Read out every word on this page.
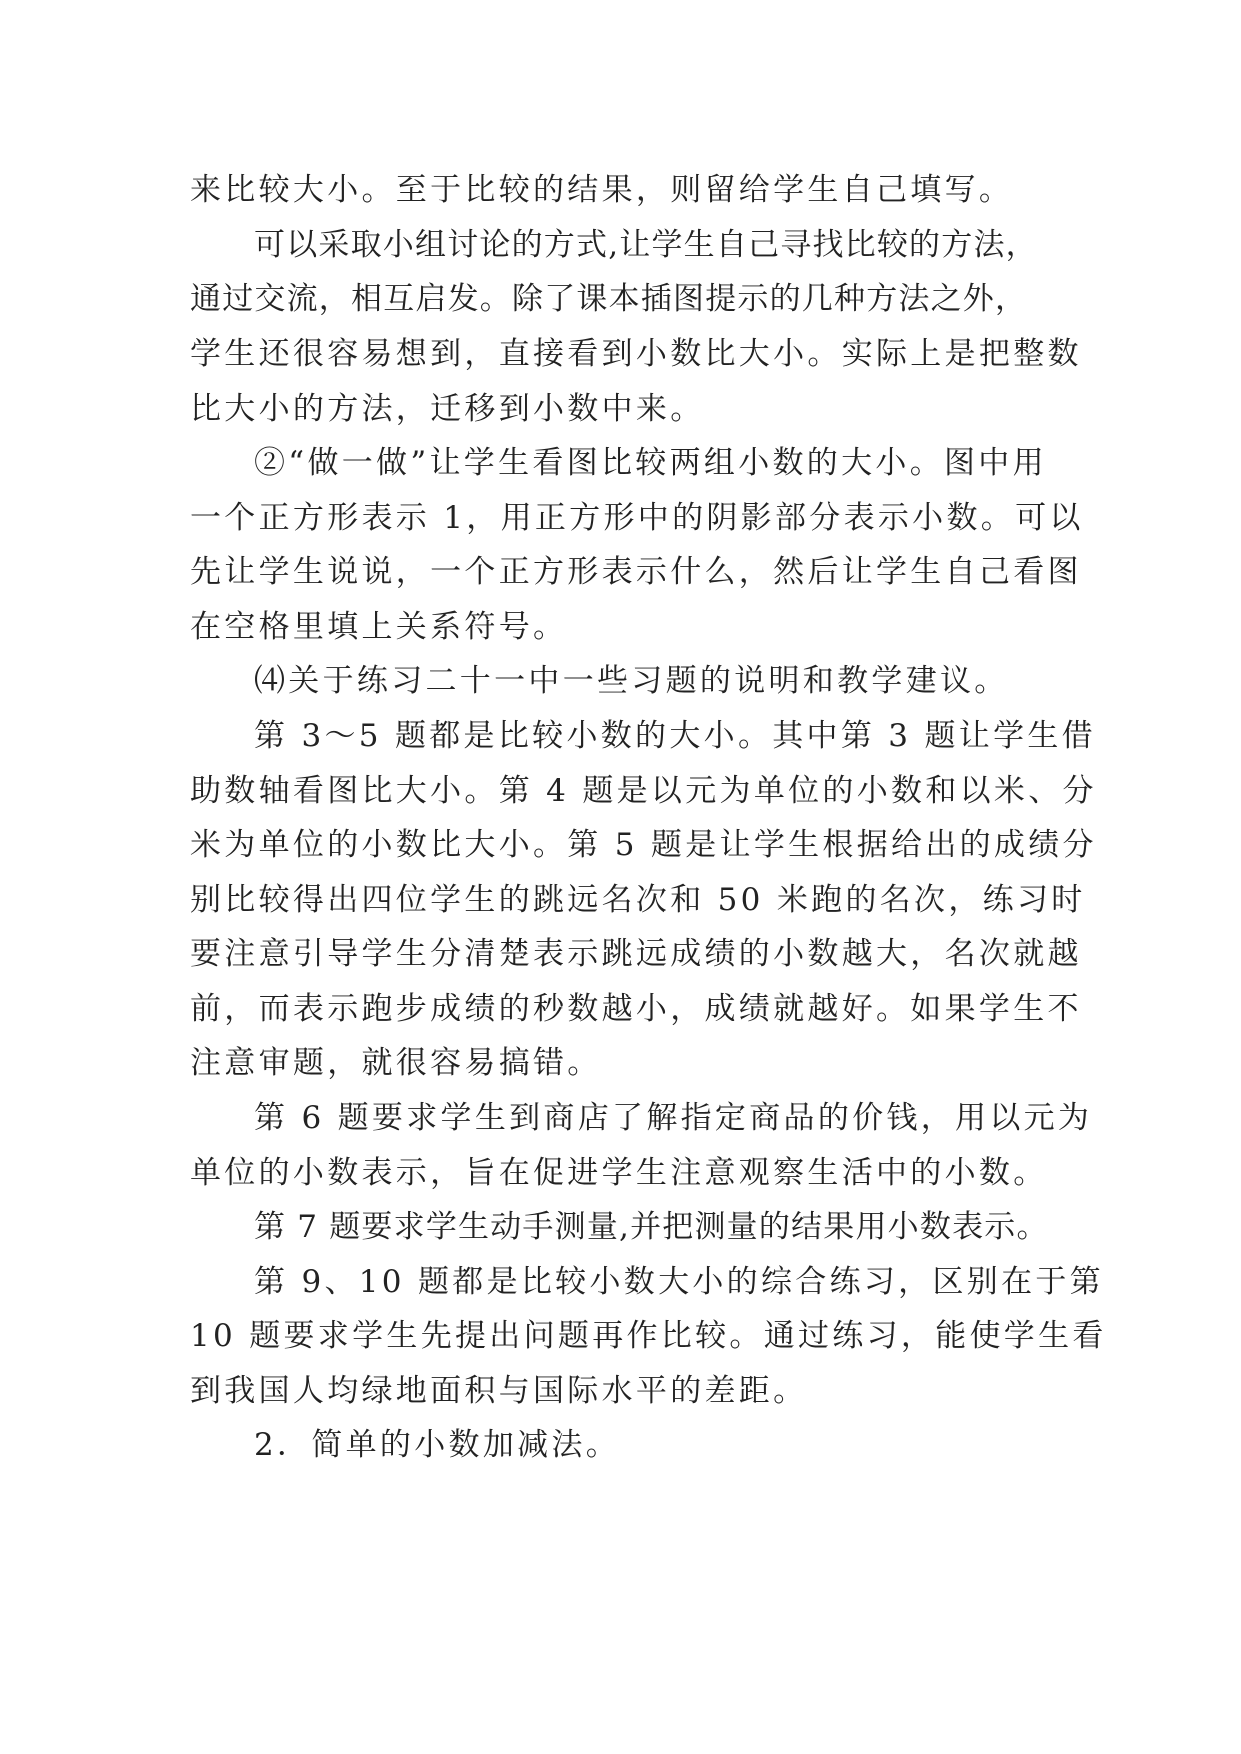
来比较大小。至于比较的结果，则留给学生自己填写。
可以采取小组讨论的方式,让学生自己寻找比较的方法，
通过交流，相互启发。除了课本插图提示的几种方法之外，
学生还很容易想到，直接看到小数比大小。实际上是把整数
比大小的方法，迁移到小数中来。
②“做一做”让学生看图比较两组小数的大小。图中用
一个正方形表示 1，用正方形中的阴影部分表示小数。可以
先让学生说说，一个正方形表示什么，然后让学生自己看图
在空格里填上关系符号。
⑷关于练习二十一中一些习题的说明和教学建议。
第 3～5 题都是比较小数的大小。其中第 3 题让学生借
助数轴看图比大小。第 4 题是以元为单位的小数和以米、分
米为单位的小数比大小。第 5 题是让学生根据给出的成绩分
别比较得出四位学生的跳远名次和 50 米跑的名次，练习时
要注意引导学生分清楚表示跳远成绩的小数越大，名次就越
前，而表示跑步成绩的秒数越小，成绩就越好。如果学生不
注意审题，就很容易搞错。
第 6 题要求学生到商店了解指定商品的价钱，用以元为
单位的小数表示，旨在促进学生注意观察生活中的小数。
第 7 题要求学生动手测量,并把测量的结果用小数表示。
第 9、10 题都是比较小数大小的综合练习，区别在于第
10 题要求学生先提出问题再作比较。通过练习，能使学生看
到我国人均绿地面积与国际水平的差距。
2．简单的小数加减法。
